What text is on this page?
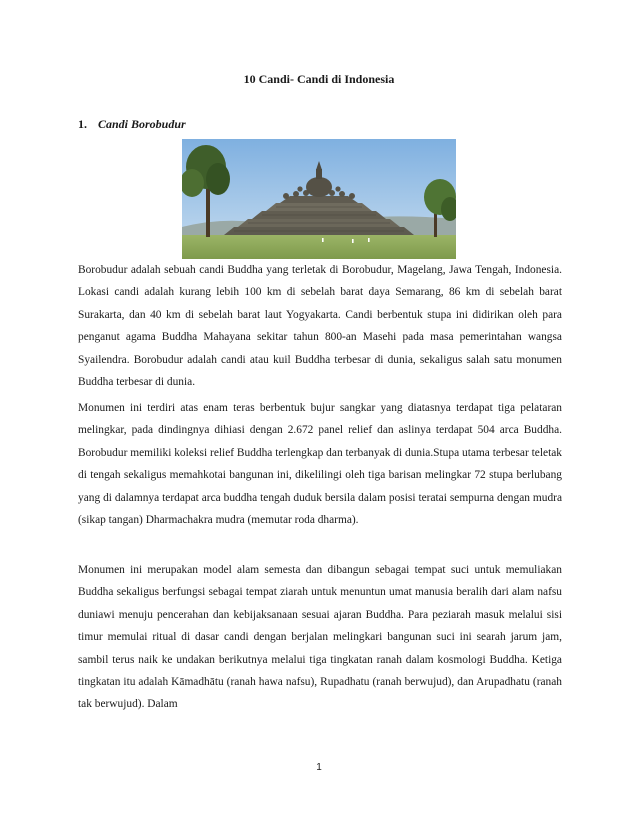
10 Candi- Candi di Indonesia
1. Candi Borobudur

Borobudur adalah sebuah candi Buddha yang terletak di Borobudur, Magelang, Jawa Tengah, Indonesia. Lokasi candi adalah kurang lebih 100 km di sebelah barat daya Semarang, 86 km di sebelah barat Surakarta, dan 40 km di sebelah barat laut Yogyakarta. Candi berbentuk stupa ini didirikan oleh para penganut agama Buddha Mahayana sekitar tahun 800-an Masehi pada masa pemerintahan wangsa Syailendra. Borobudur adalah candi atau kuil Buddha terbesar di dunia, sekaligus salah satu monumen Buddha terbesar di dunia.

Monumen ini terdiri atas enam teras berbentuk bujur sangkar yang diatasnya terdapat tiga pelataran melingkar, pada dindingnya dihiasi dengan 2.672 panel relief dan aslinya terdapat 504 arca Buddha. Borobudur memiliki koleksi relief Buddha terlengkap dan terbanyak di dunia.Stupa utama terbesar teletak di tengah sekaligus memahkotai bangunan ini, dikelilingi oleh tiga barisan melingkar 72 stupa berlubang yang di dalamnya terdapat arca buddha tengah duduk bersila dalam posisi teratai sempurna dengan mudra (sikap tangan) Dharmachakra mudra (memutar roda dharma).

Monumen ini merupakan model alam semesta dan dibangun sebagai tempat suci untuk memuliakan Buddha sekaligus berfungsi sebagai tempat ziarah untuk menuntun umat manusia beralih dari alam nafsu duniawi menuju pencerahan dan kebijaksanaan sesuai ajaran Buddha. Para peziarah masuk melalui sisi timur memulai ritual di dasar candi dengan berjalan melingkari bangunan suci ini searah jarum jam, sambil terus naik ke undakan berikutnya melalui tiga tingkatan ranah dalam kosmologi Buddha. Ketiga tingkatan itu adalah Kāmadhātu (ranah hawa nafsu), Rupadhatu (ranah berwujud), dan Arupadhatu (ranah tak berwujud). Dalam

1
